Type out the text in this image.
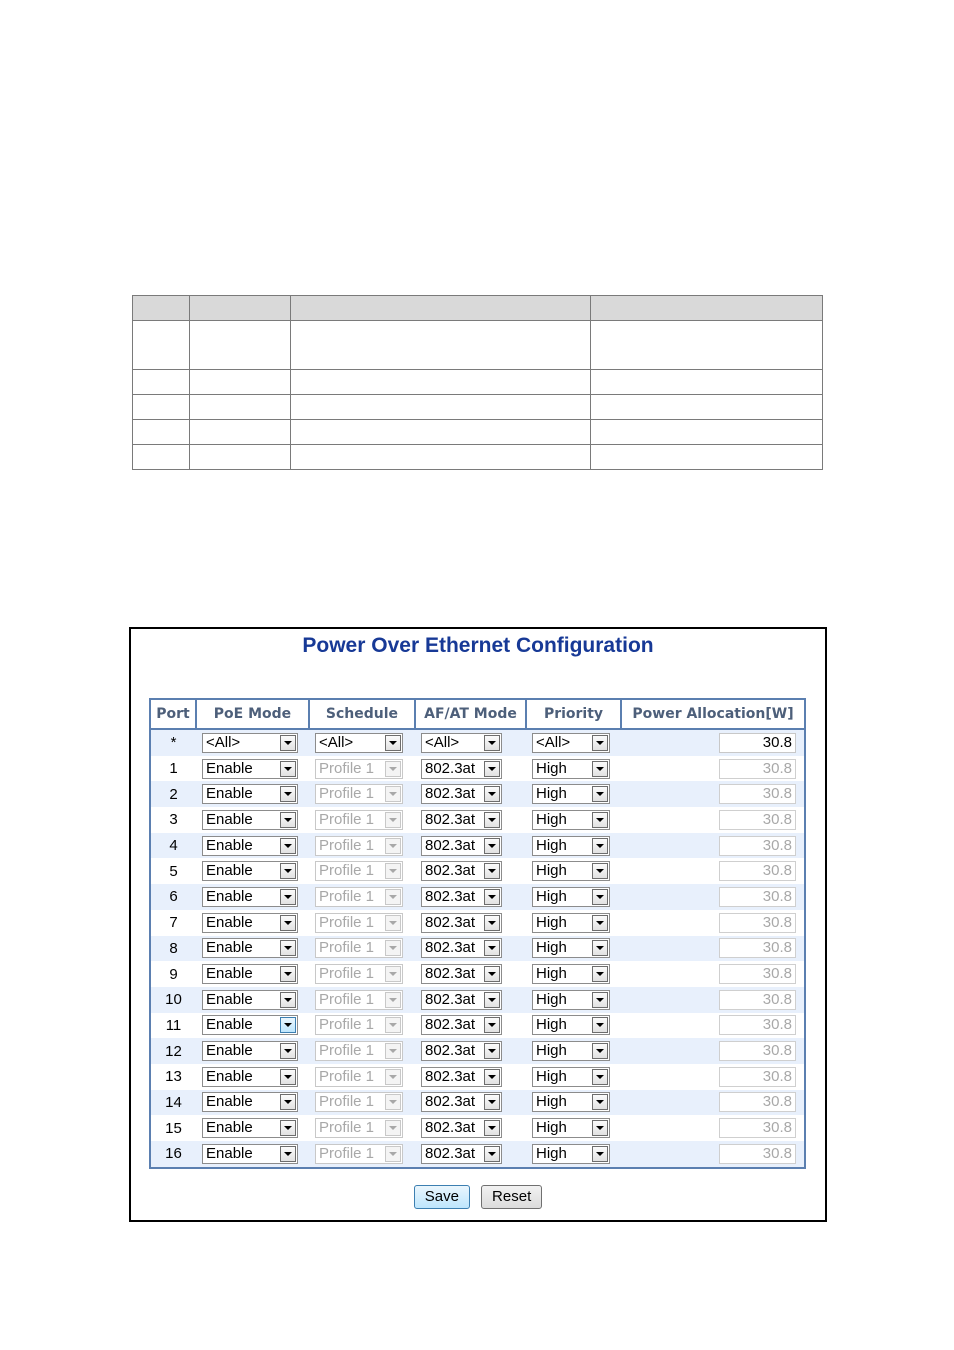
Power Over Ethernet Configuration
Port	PoE Mode	Schedule	AF/AT Mode	Priority	Power Allocation[W]
*	<All>	<All>	<All>	<All>	30.8
1	Enable	Profile 1	802.3at	High	30.8
2	Enable	Profile 1	802.3at	High	30.8
3	Enable	Profile 1	802.3at	High	30.8
4	Enable	Profile 1	802.3at	High	30.8
5	Enable	Profile 1	802.3at	High	30.8
6	Enable	Profile 1	802.3at	High	30.8
7	Enable	Profile 1	802.3at	High	30.8
8	Enable	Profile 1	802.3at	High	30.8
9	Enable	Profile 1	802.3at	High	30.8
10	Enable	Profile 1	802.3at	High	30.8
11	Enable	Profile 1	802.3at	High	30.8
12	Enable	Profile 1	802.3at	High	30.8
13	Enable	Profile 1	802.3at	High	30.8
14	Enable	Profile 1	802.3at	High	30.8
15	Enable	Profile 1	802.3at	High	30.8
16	Enable	Profile 1	802.3at	High	30.8
Save Reset
